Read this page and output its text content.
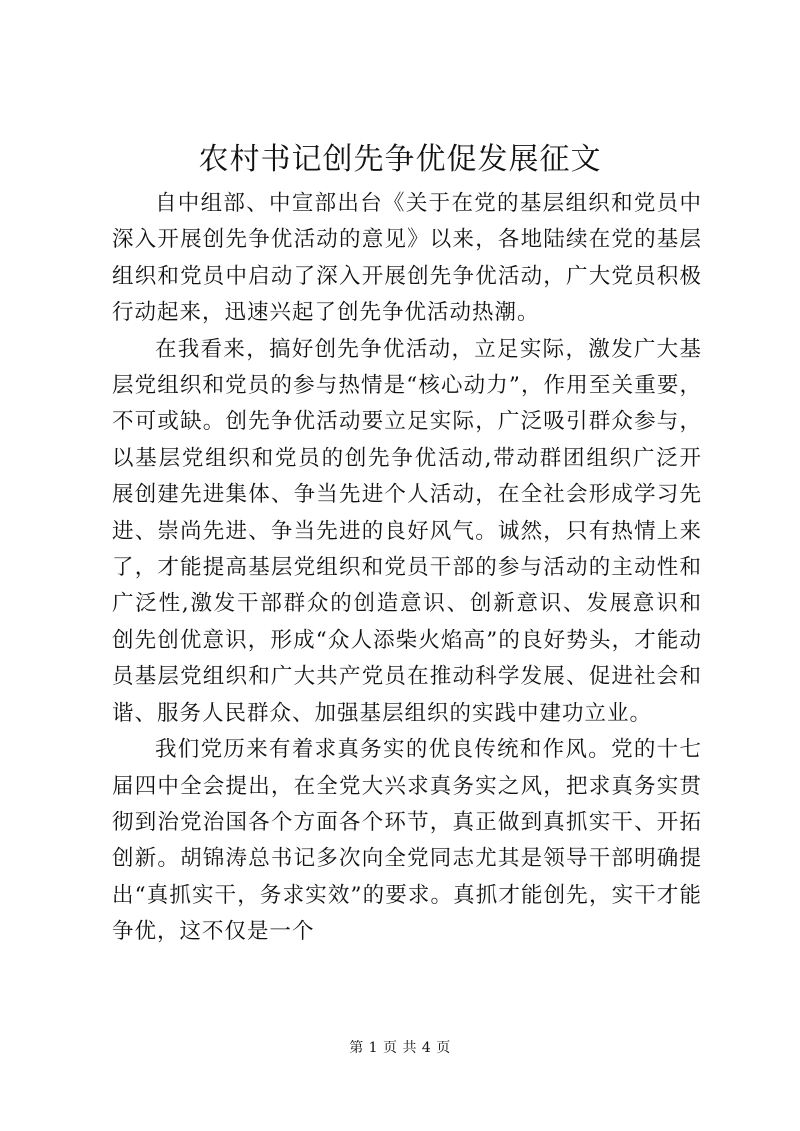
农村书记创先争优促发展征文

自中组部、中宣部出台《关于在党的基层组织和党员中深入开展创先争优活动的意见》以来，各地陆续在党的基层组织和党员中启动了深入开展创先争优活动，广大党员积极行动起来，迅速兴起了创先争优活动热潮。

在我看来，搞好创先争优活动，立足实际，激发广大基层党组织和党员的参与热情是“核心动力”，作用至关重要，不可或缺。创先争优活动要立足实际，广泛吸引群众参与，以基层党组织和党员的创先争优活动,带动群团组织广泛开展创建先进集体、争当先进个人活动，在全社会形成学习先进、崇尚先进、争当先进的良好风气。诚然，只有热情上来了，才能提高基层党组织和党员干部的参与活动的主动性和广泛性,激发干部群众的创造意识、创新意识、发展意识和创先创优意识，形成“众人添柴火焰高”的良好势头，才能动员基层党组织和广大共产党员在推动科学发展、促进社会和谐、服务人民群众、加强基层组织的实践中建功立业。

我们党历来有着求真务实的优良传统和作风。党的十七届四中全会提出，在全党大兴求真务实之风，把求真务实贯彻到治党治国各个方面各个环节，真正做到真抓实干、开拓创新。胡锦涛总书记多次向全党同志尤其是领导干部明确提出“真抓实干，务求实效”的要求。真抓才能创先，实干才能争优，这不仅是一个

第 1 页 共 4 页
